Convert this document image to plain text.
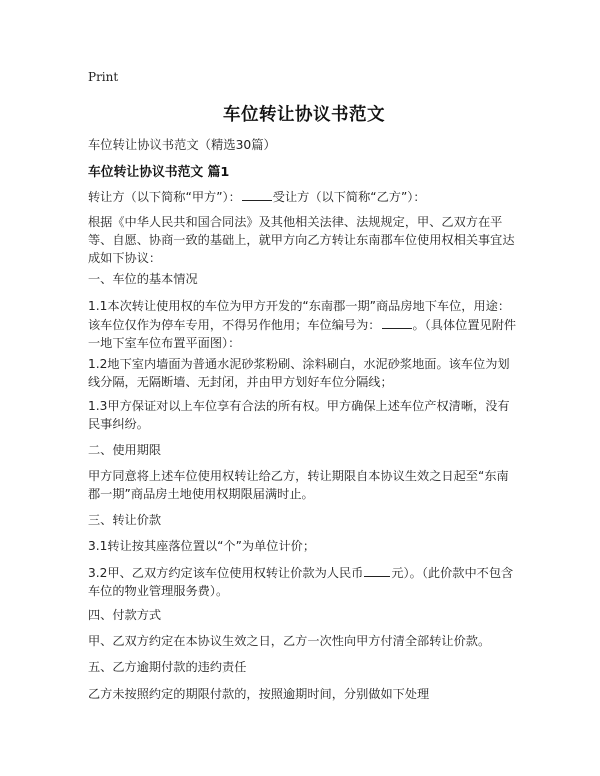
Print
车位转让协议书范文
车位转让协议书范文（精选30篇）
车位转让协议书范文 篇1
转让方（以下简称“甲方”）：	受让方（以下简称“乙方”）：
根据《中华人民共和国合同法》及其他相关法律、法规规定，甲、乙双方在平等、自愿、协商一致的基础上，就甲方向乙方转让东南郡车位使用权相关事宜达成如下协议：
一、车位的基本情况
1.1本次转让使用权的车位为甲方开发的“东南郡一期”商品房地下车位，用途：该车位仅作为停车专用，不得另作他用；车位编号为：	。（具体位置见附件一地下室车位布置平面图）：
1.2地下室内墙面为普通水泥砂浆粉刷、涂料刷白，水泥砂浆地面。该车位为划线分隔，无隔断墙、无封闭，并由甲方划好车位分隔线；
1.3甲方保证对以上车位享有合法的所有权。甲方确保上述车位产权清晰，没有民事纠纷。
二、使用期限
甲方同意将上述车位使用权转让给乙方，转让期限自本协议生效之日起至“东南郡一期”商品房土地使用权期限届满时止。
三、转让价款
3.1转让按其座落位置以“个”为单位计价；
3.2甲、乙双方约定该车位使用权转让价款为人民币 元）。（此价款中不包含车位的物业管理服务费）。
四、付款方式
甲、乙双方约定在本协议生效之日，乙方一次性向甲方付清全部转让价款。
五、乙方逾期付款的违约责任
乙方未按照约定的期限付款的，按照逾期时间，分别做如下处理
